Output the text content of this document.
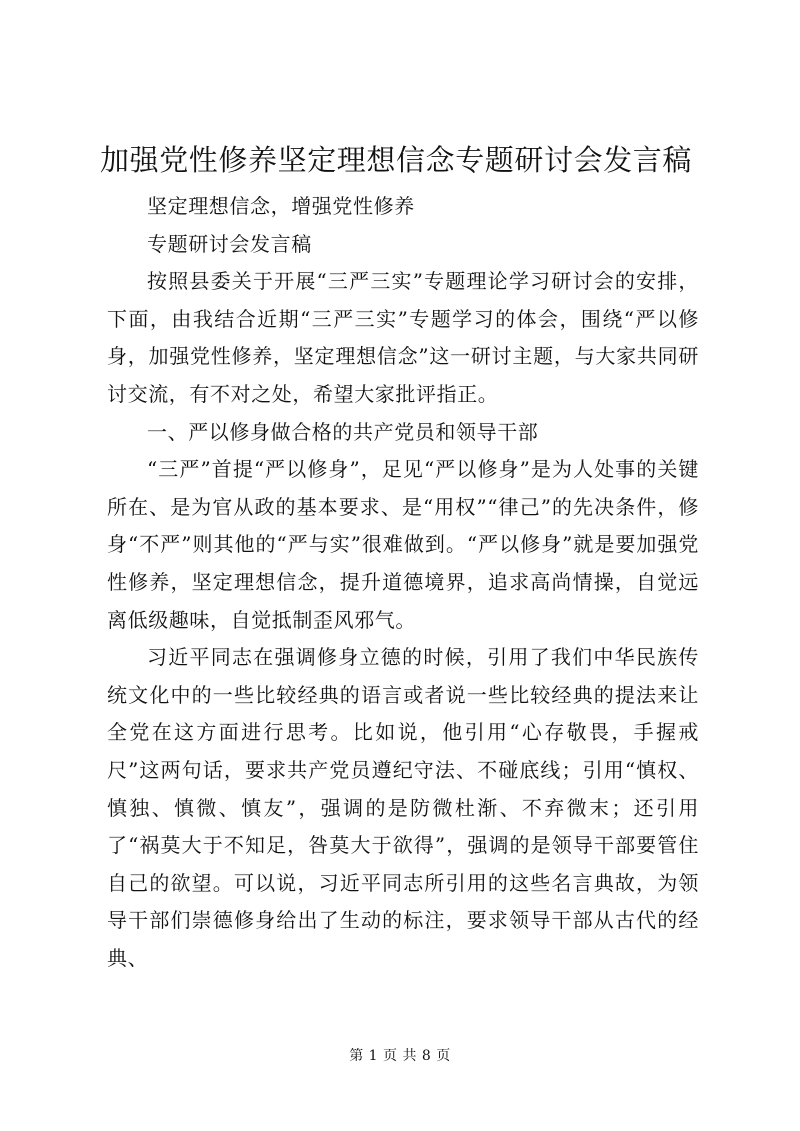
加强党性修养坚定理想信念专题研讨会发言稿

坚定理想信念，增强党性修养

专题研讨会发言稿

按照县委关于开展“三严三实”专题理论学习研讨会的安排，下面，由我结合近期“三严三实”专题学习的体会，围绕“严以修身，加强党性修养，坚定理想信念”这一研讨主题，与大家共同研讨交流，有不对之处，希望大家批评指正。

一、严以修身做合格的共产党员和领导干部

“三严”首提“严以修身”，足见“严以修身”是为人处事的关键所在、是为官从政的基本要求、是“用权”“律己”的先决条件，修身“不严”则其他的“严与实”很难做到。“严以修身”就是要加强党性修养，坚定理想信念，提升道德境界，追求高尚情操，自觉远离低级趣味，自觉抵制歪风邪气。

习近平同志在强调修身立德的时候，引用了我们中华民族传统文化中的一些比较经典的语言或者说一些比较经典的提法来让全党在这方面进行思考。比如说，他引用“心存敬畏，手握戒尺”这两句话，要求共产党员遵纪守法、不碰底线；引用“慎权、慎独、慎微、慎友”，强调的是防微杜渐、不弃微末；还引用了“祸莫大于不知足，咎莫大于欲得”，强调的是领导干部要管住自己的欲望。可以说，习近平同志所引用的这些名言典故，为领导干部们崇德修身给出了生动的标注，要求领导干部从古代的经典、

第 1 页 共 8 页
